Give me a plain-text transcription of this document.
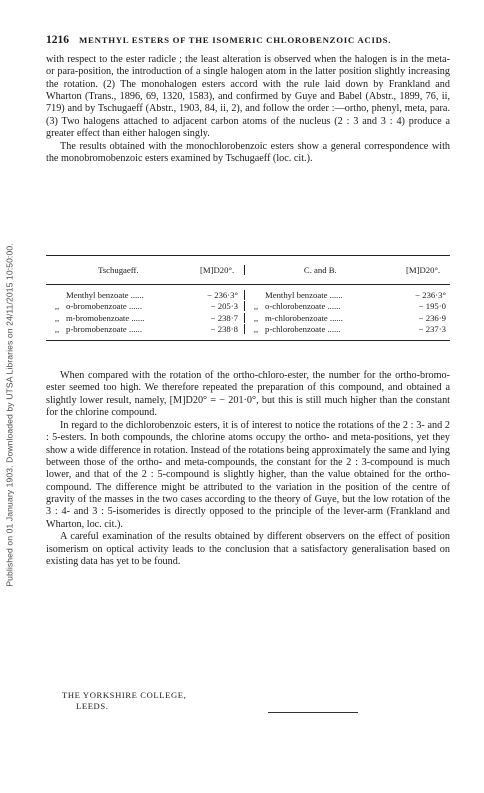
Published on 01 January 1903. Downloaded by UTSA Libraries on 24/11/2015 10:50:00.
1216 MENTHYL ESTERS OF THE ISOMERIC CHLOROBENZOIC ACIDS.

with respect to the ester radicle ; the least alteration is observed when the halogen is in the meta- or para-position, the introduction of a single halogen atom in the latter position slightly increasing the rotation. (2) The monohalogen esters accord with the rule laid down by Frankland and Wharton (Trans., 1896, 69, 1320, 1583), and confirmed by Guye and Babel (Abstr., 1899, 76, ii, 719) and by Tschugaeff (Abstr., 1903, 84, ii, 2), and follow the order :—ortho, phenyl, meta, para. (3) Two halogens attached to adjacent carbon atoms of the nucleus (2 : 3 and 3 : 4) produce a greater effect than either halogen singly.

The results obtained with the monochlorobenzoic esters show a general correspondence with the monobromobenzoic esters examined by Tschugaeff (loc. cit.).

Tschugaeff.	[M]D20°.	C. and B.	[M]D20°.
Menthyl benzoate ......	− 236·3°	Menthyl benzoate ......	− 236·3°
,, o-bromobenzoate ......	− 205·3	,, o-chlorobenzoate ......	− 195·0
,, m-bromobenzoate ......	− 238·7	,, m-chlorobenzoate ......	− 236·9
,, p-bromobenzoate ......	− 238·8	,, p-chlorobenzoate ......	− 237·3

When compared with the rotation of the ortho-chloro-ester, the number for the ortho-bromo-ester seemed too high. We therefore repeated the preparation of this compound, and obtained a slightly lower result, namely, [M]D20° = − 201·0°, but this is still much higher than the constant for the chlorine compound.

In regard to the dichlorobenzoic esters, it is of interest to notice the rotations of the 2 : 3- and 2 : 5-esters. In both compounds, the chlorine atoms occupy the ortho- and meta-positions, yet they show a wide difference in rotation. Instead of the rotations being approximately the same and lying between those of the ortho- and meta-compounds, the constant for the 2 : 3-compound is much lower, and that of the 2 : 5-compound is slightly higher, than the value obtained for the ortho-compound. The difference might be attributed to the variation in the position of the centre of gravity of the masses in the two cases according to the theory of Guye, but the low rotation of the 3 : 4- and 3 : 5-isomerides is directly opposed to the principle of the lever-arm (Frankland and Wharton, loc. cit.).

A careful examination of the results obtained by different observers on the effect of position isomerism on optical activity leads to the conclusion that a satisfactory generalisation based on existing data has yet to be found.

THE YORKSHIRE COLLEGE,
LEEDS.
